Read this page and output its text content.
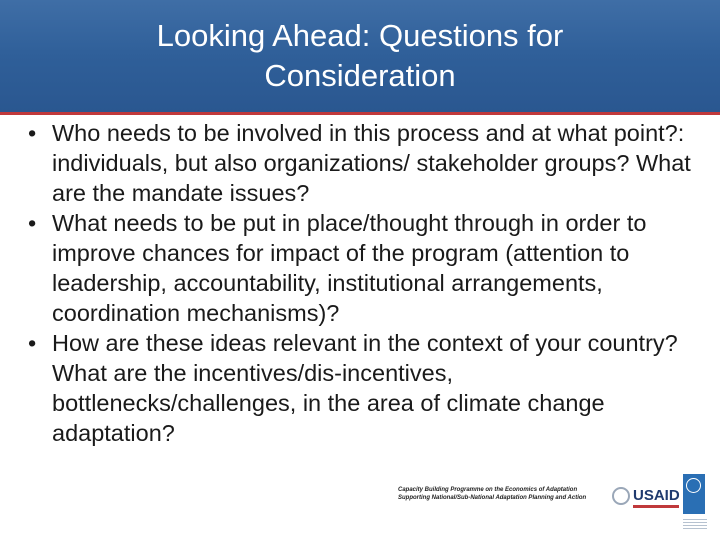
Looking Ahead: Questions for Consideration
• Who needs to be involved in this process and at what point?: individuals, but also organizations/ stakeholder groups? What are the mandate issues?
• What needs to be put in place/thought through in order to improve chances for impact of the program (attention to leadership, accountability, institutional arrangements, coordination mechanisms)?
• How are these ideas relevant in the context of your country? What are the incentives/dis-incentives, bottlenecks/challenges, in the area of climate change adaptation?
Capacity Building Programme on the Economics of Adaptation
Supporting National/Sub-National Adaptation Planning and Action	USAID
